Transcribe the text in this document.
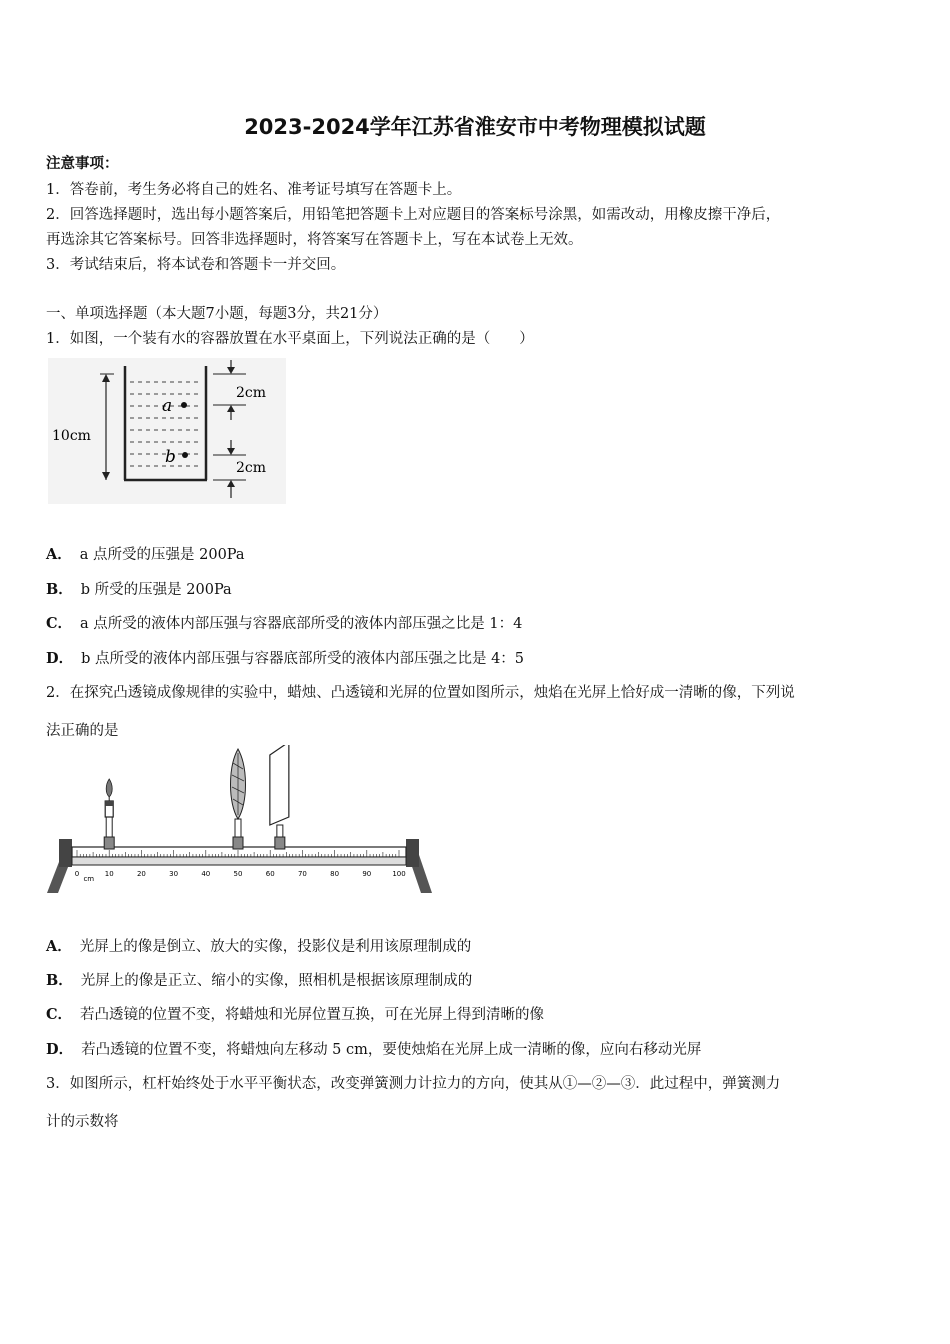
2023-2024学年江苏省淮安市中考物理模拟试题
注意事项：
1．答卷前，考生务必将自己的姓名、准考证号填写在答题卡上。
2．回答选择题时，选出每小题答案后，用铅笔把答题卡上对应题目的答案标号涂黑，如需改动，用橡皮擦干净后，
再选涂其它答案标号。回答非选择题时，将答案写在答题卡上，写在本试卷上无效。
3．考试结束后，将本试卷和答题卡一并交回。
一、单项选择题（本大题7小题，每题3分，共21分）
1．如图，一个装有水的容器放置在水平桌面上，下列说法正确的是（　　）
a
b
10cm
2cm
2cm
A． a 点所受的压强是 200Pa
B． b 所受的压强是 200Pa
C． a 点所受的液体内部压强与容器底部所受的液体内部压强之比是 1：4
D． b 点所受的液体内部压强与容器底部所受的液体内部压强之比是 4：5
2．在探究凸透镜成像规律的实验中，蜡烛、凸透镜和光屏的位置如图所示，烛焰在光屏上恰好成一清晰的像，下列说
法正确的是
0	10	20	30	40	50	60	70	80	90	100
cm
A． 光屏上的像是倒立、放大的实像，投影仪是利用该原理制成的
B． 光屏上的像是正立、缩小的实像，照相机是根据该原理制成的
C． 若凸透镜的位置不变，将蜡烛和光屏位置互换，可在光屏上得到清晰的像
D． 若凸透镜的位置不变，将蜡烛向左移动 5 cm，要使烛焰在光屏上成一清晰的像，应向右移动光屏
3．如图所示，杠杆始终处于水平平衡状态，改变弹簧测力计拉力的方向，使其从①—②—③．此过程中，弹簧测力
计的示数将
